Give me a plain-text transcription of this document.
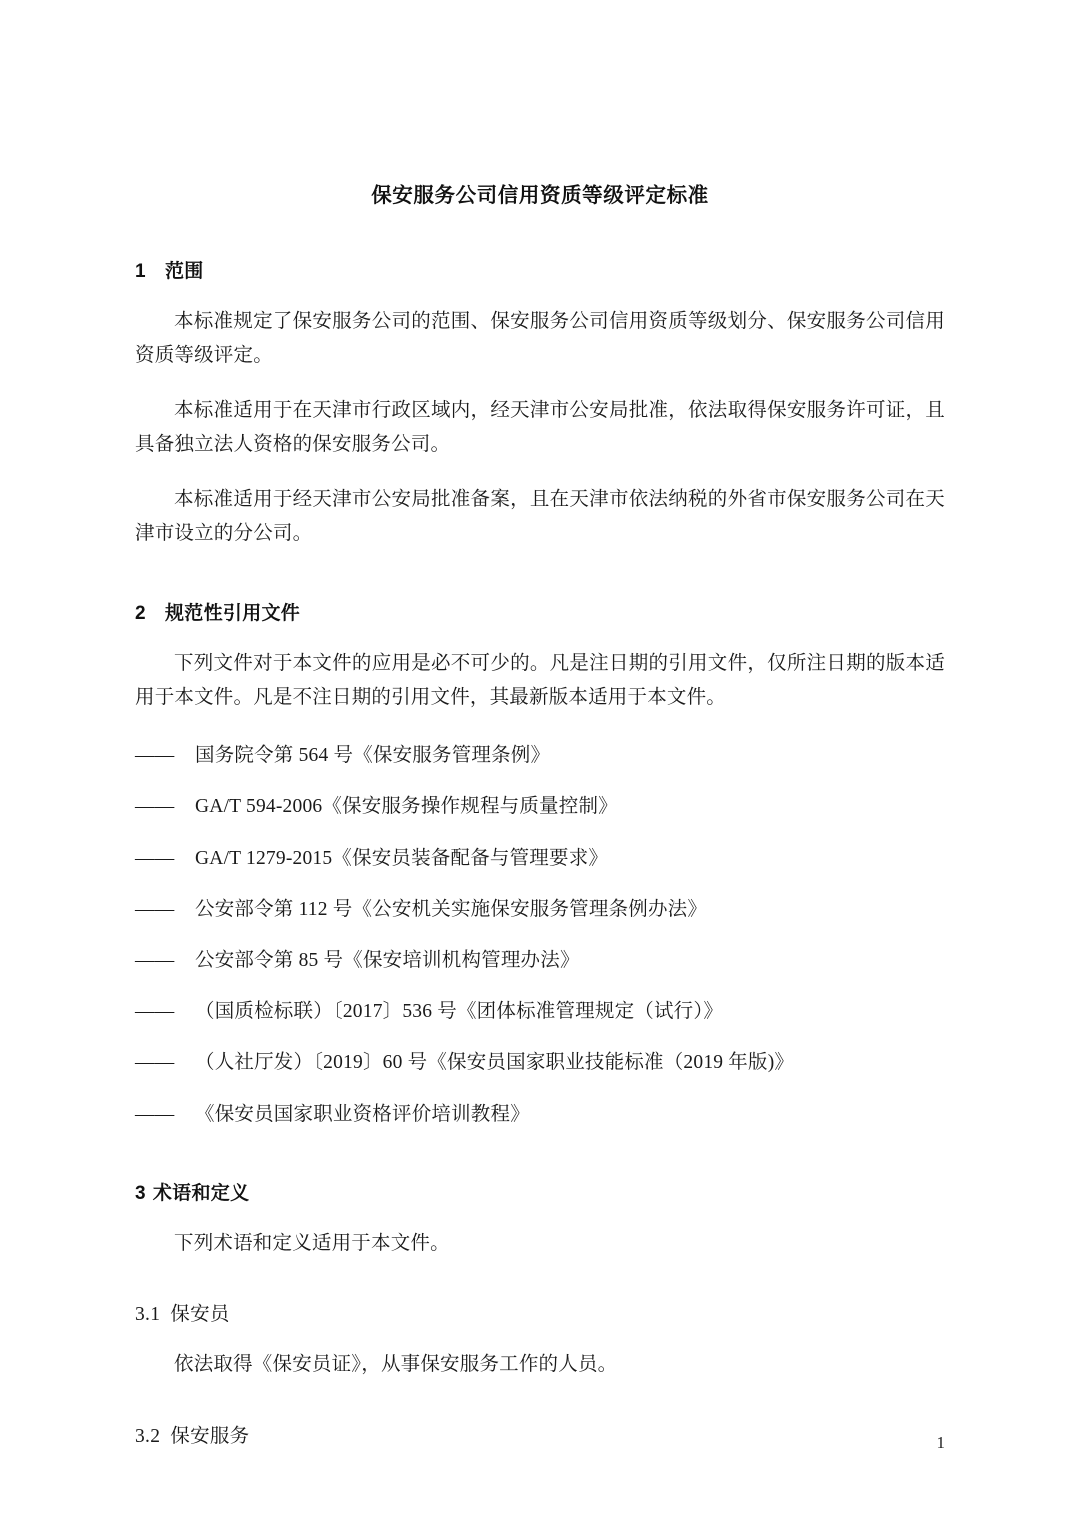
保安服务公司信用资质等级评定标准
1 范围

本标准规定了保安服务公司的范围、保安服务公司信用资质等级划分、保安服务公司信用资质等级评定。

本标准适用于在天津市行政区域内，经天津市公安局批准，依法取得保安服务许可证，且具备独立法人资格的保安服务公司。

本标准适用于经天津市公安局批准备案，且在天津市依法纳税的外省市保安服务公司在天津市设立的分公司。

2 规范性引用文件

下列文件对于本文件的应用是必不可少的。凡是注日期的引用文件，仅所注日期的版本适用于本文件。凡是不注日期的引用文件，其最新版本适用于本文件。

—— 国务院令第 564 号《保安服务管理条例》
—— GA/T 594-2006《保安服务操作规程与质量控制》
—— GA/T 1279-2015《保安员装备配备与管理要求》
—— 公安部令第 112 号《公安机关实施保安服务管理条例办法》
—— 公安部令第 85 号《保安培训机构管理办法》
—— （国质检标联）〔2017〕536 号《团体标准管理规定（试行）》
—— （人社厅发）〔2019〕60 号《保安员国家职业技能标准（2019 年版)》
—— 《保安员国家职业资格评价培训教程》
3 术语和定义

下列术语和定义适用于本文件。

3.1 保安员

依法取得《保安员证》，从事保安服务工作的人员。

3.2 保安服务	1
